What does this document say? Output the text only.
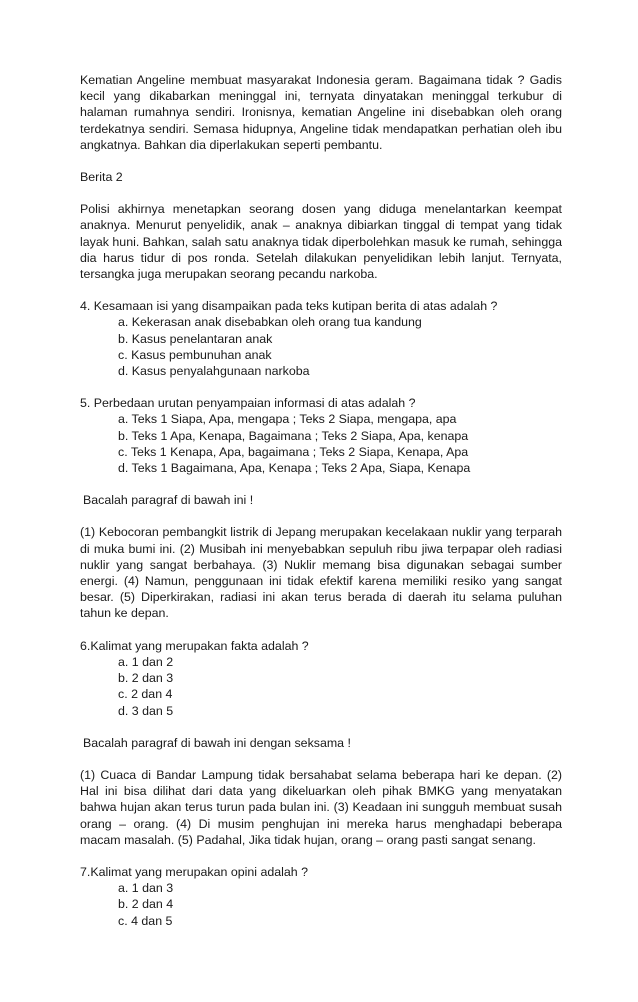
Kematian Angeline membuat masyarakat Indonesia geram. Bagaimana tidak ? Gadis kecil yang dikabarkan meninggal ini, ternyata dinyatakan meninggal terkubur di halaman rumahnya sendiri. Ironisnya, kematian Angeline ini disebabkan oleh orang terdekatnya sendiri. Semasa hidupnya, Angeline tidak mendapatkan perhatian oleh ibu angkatnya. Bahkan dia diperlakukan seperti pembantu.

Berita 2

Polisi akhirnya menetapkan seorang dosen yang diduga menelantarkan keempat anaknya. Menurut penyelidik, anak – anaknya dibiarkan tinggal di tempat yang tidak layak huni. Bahkan, salah satu anaknya tidak diperbolehkan masuk ke rumah, sehingga dia harus tidur di pos ronda. Setelah dilakukan penyelidikan lebih lanjut. Ternyata, tersangka juga merupakan seorang pecandu narkoba.

4. Kesamaan isi yang disampaikan pada teks kutipan berita di atas adalah ?

a. Kekerasan anak disebabkan oleh orang tua kandung
b. Kasus penelantaran anak
c. Kasus pembunuhan anak
d. Kasus penyalahgunaan narkoba

5. Perbedaan urutan penyampaian informasi di atas adalah ?

a. Teks 1 Siapa, Apa, mengapa ; Teks 2 Siapa, mengapa, apa
b. Teks 1 Apa, Kenapa, Bagaimana ; Teks 2 Siapa, Apa, kenapa
c. Teks 1 Kenapa, Apa, bagaimana ; Teks 2 Siapa, Kenapa, Apa
d. Teks 1 Bagaimana, Apa, Kenapa ; Teks 2 Apa, Siapa, Kenapa

Bacalah paragraf di bawah ini !

(1) Kebocoran pembangkit listrik di Jepang merupakan kecelakaan nuklir yang terparah di muka bumi ini. (2) Musibah ini menyebabkan sepuluh ribu jiwa terpapar oleh radiasi nuklir yang sangat berbahaya. (3) Nuklir memang bisa digunakan sebagai sumber energi. (4) Namun, penggunaan ini tidak efektif karena memiliki resiko yang sangat besar. (5) Diperkirakan, radiasi ini akan terus berada di daerah itu selama puluhan tahun ke depan.

6.Kalimat yang merupakan fakta adalah ?

a. 1 dan 2
b. 2 dan 3
c. 2 dan 4
d. 3 dan 5

Bacalah paragraf di bawah ini dengan seksama !

(1) Cuaca di Bandar Lampung tidak bersahabat selama beberapa hari ke depan. (2) Hal ini bisa dilihat dari data yang dikeluarkan oleh pihak BMKG yang menyatakan bahwa hujan akan terus turun pada bulan ini. (3) Keadaan ini sungguh membuat susah orang – orang. (4) Di musim penghujan ini mereka harus menghadapi beberapa macam masalah. (5) Padahal, Jika tidak hujan, orang – orang pasti sangat senang.

7.Kalimat yang merupakan opini adalah ?

a. 1 dan 3
b. 2 dan 4
c. 4 dan 5
